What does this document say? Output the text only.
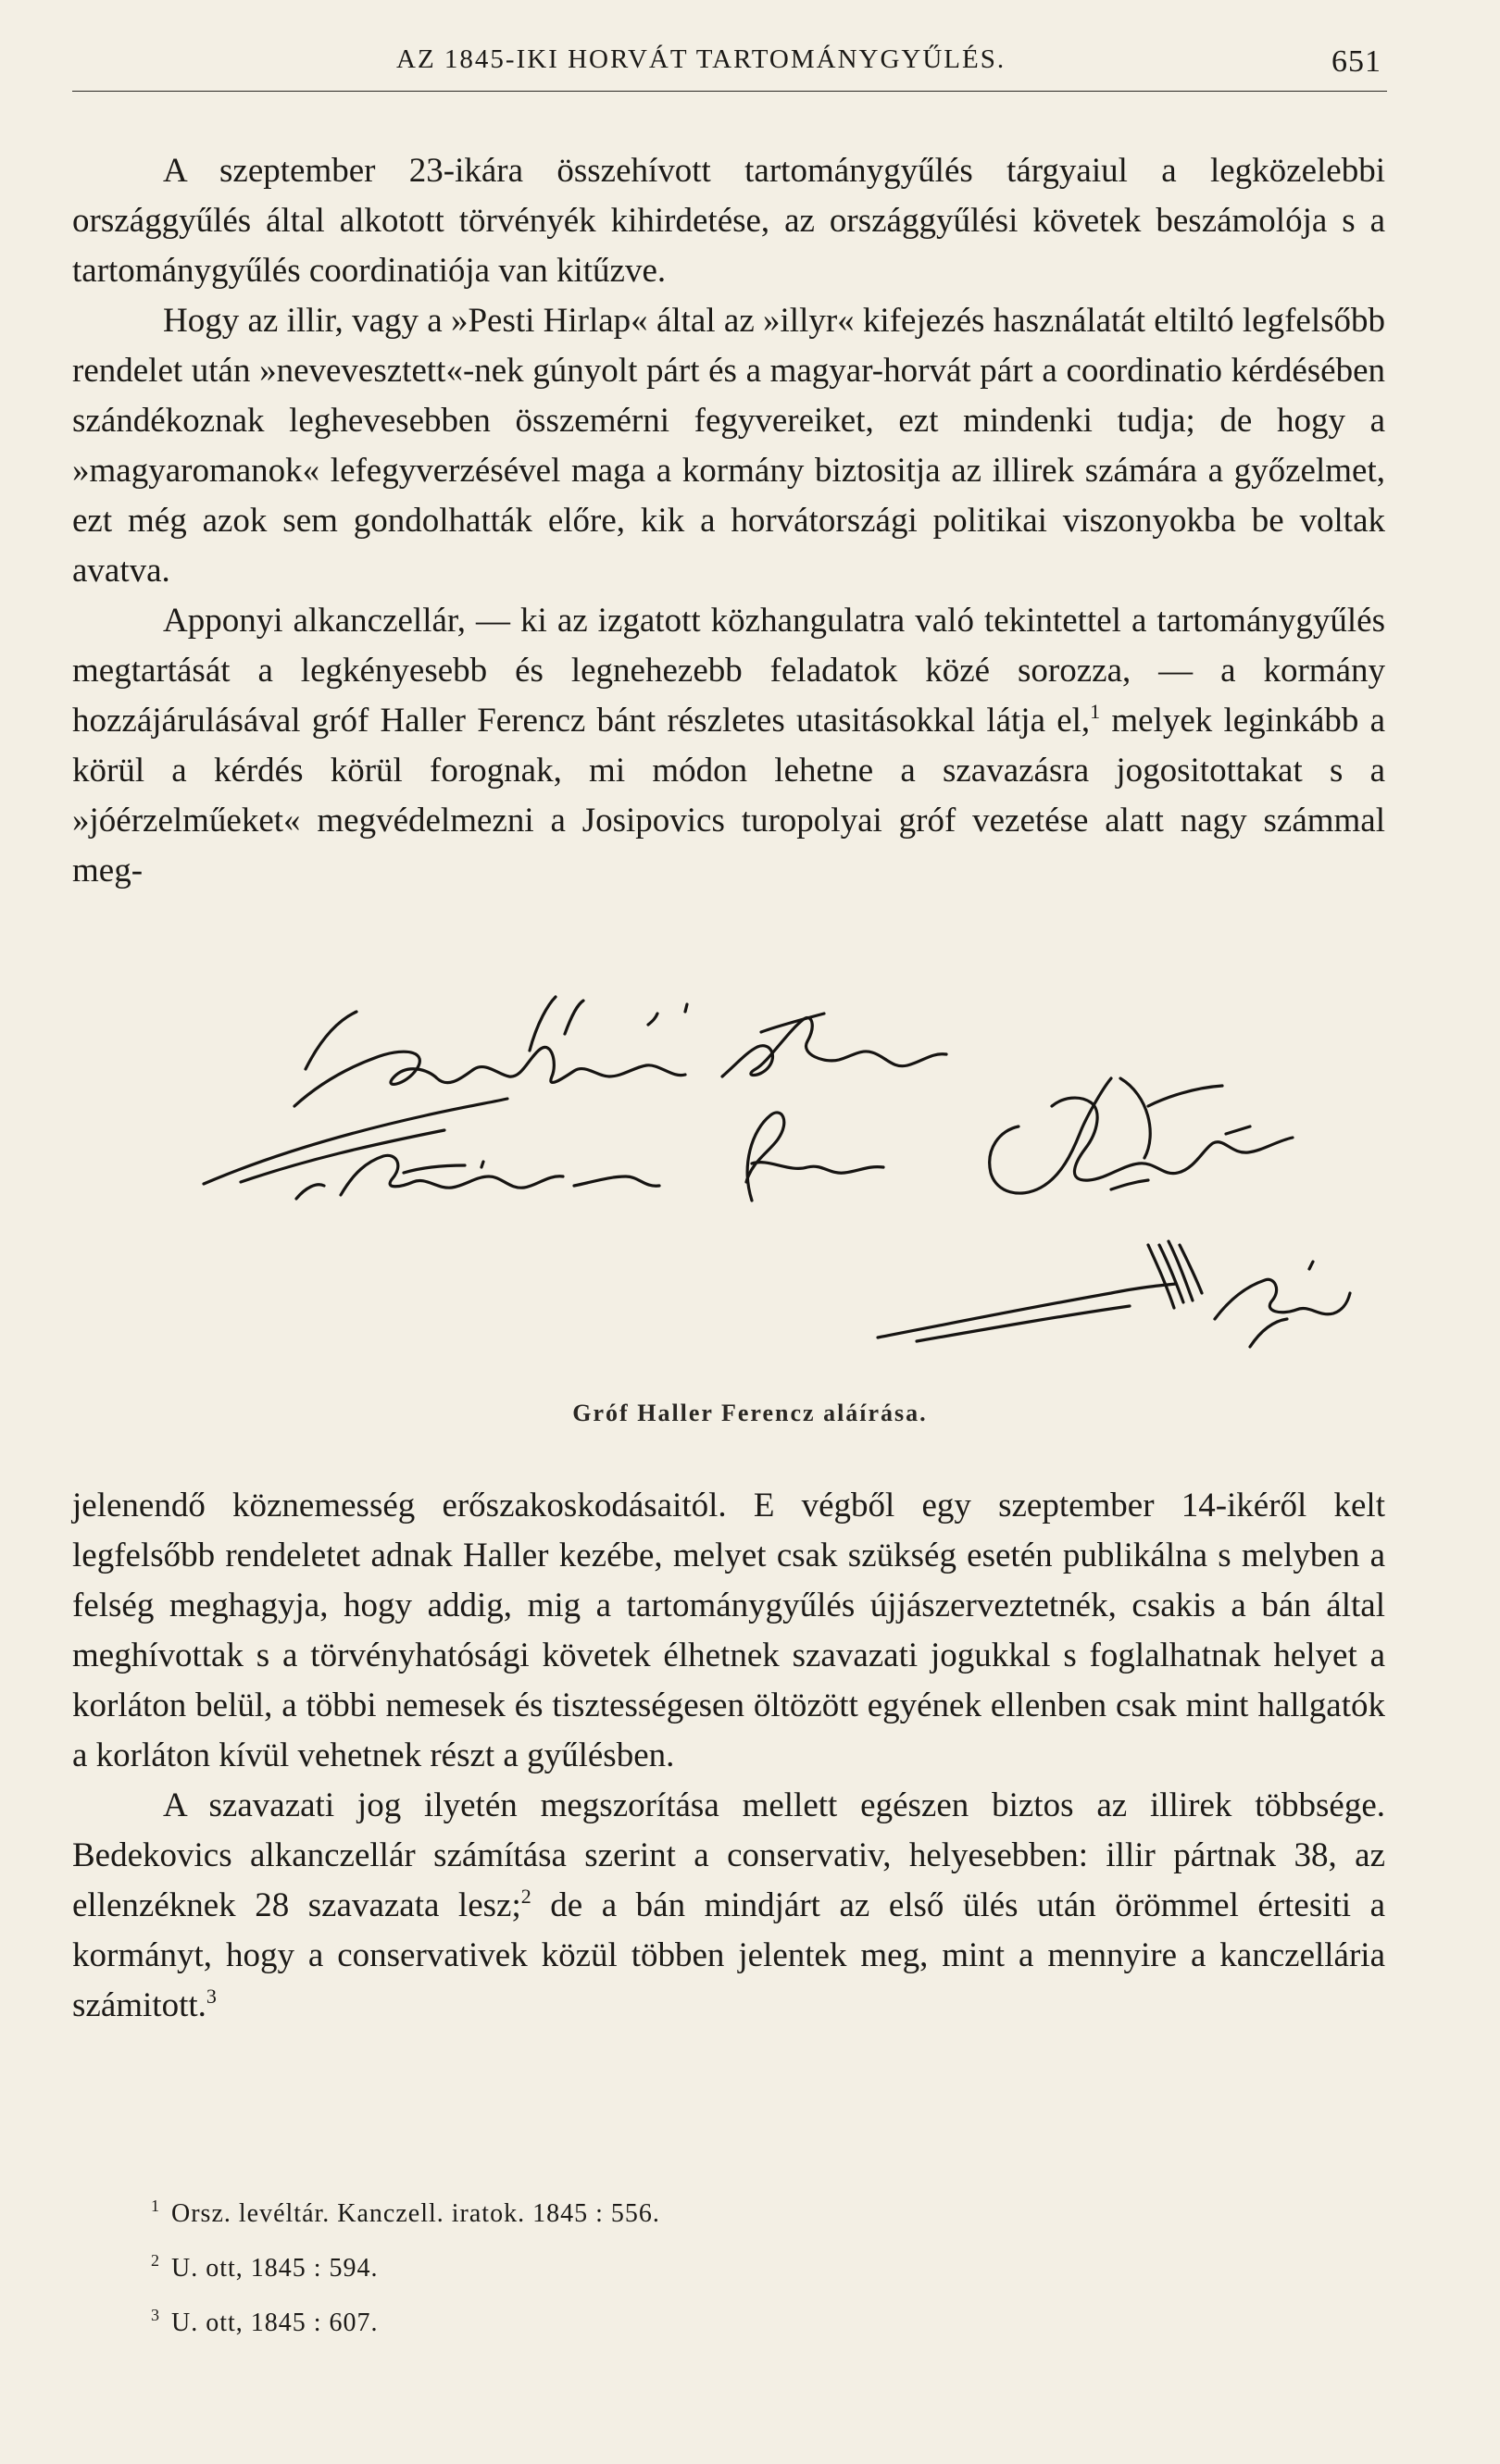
AZ 1845-IKI HORVÁT TARTOMÁNYGYŰLÉS.	651

A szeptember 23-ikára összehívott tartománygyűlés tárgyaiul a legközelebbi országgyűlés által alkotott törvényék kihirdetése, az országgyűlési követek beszámolója s a tartománygyűlés coordinatiója van kitűzve.

Hogy az illir, vagy a »Pesti Hirlap« által az »illyr« kifejezés használatát eltiltó legfelsőbb rendelet után »nevevesztett«-nek gúnyolt párt és a magyar-horvát párt a coordinatio kérdésében szándékoznak leghevesebben összemérni fegyvereiket, ezt mindenki tudja; de hogy a »magyaromanok« lefegyverzésével maga a kormány biztositja az illirek számára a győzelmet, ezt még azok sem gondolhatták előre, kik a horvátországi politikai viszonyokba be voltak avatva.

Apponyi alkanczellár, — ki az izgatott közhangulatra való tekintettel a tartománygyűlés megtartását a legkényesebb és legnehezebb feladatok közé sorozza, — a kormány hozzájárulásával gróf Haller Ferencz bánt részletes utasitásokkal látja el,$^1$ melyek leginkább a körül a kérdés körül forognak, mi módon lehetne a szavazásra jogositottakat s a »jóérzelműeket« megvédelmezni a Josipovics turopolyai gróf vezetése alatt nagy számmal meg-

Gróf Haller Ferencz aláírása.

jelenendő köznemesség erőszakoskodásaitól. E végből egy szeptember 14-ikéről kelt legfelsőbb rendeletet adnak Haller kezébe, melyet csak szükség esetén publikálna s melyben a felség meghagyja, hogy addig, mig a tartománygyűlés újjászerveztetnék, csakis a bán által meghívottak s a törvényhatósági követek élhetnek szavazati jogukkal s foglalhatnak helyet a korláton belül, a többi nemesek és tisztességesen öltözött egyének ellenben csak mint hallgatók a korláton kívül vehetnek részt a gyűlésben.

A szavazati jog ilyetén megszorítása mellett egészen biztos az illirek többsége. Bedekovics alkanczellár számítása szerint a conservativ, helyesebben: illir pártnak 38, az ellenzéknek 28 szavazata lesz;$^2$ de a bán mindjárt az első ülés után örömmel értesiti a kormányt, hogy a conservativek közül többen jelentek meg, mint a mennyire a kanczellária számitott.$^3$

$^1$ Orsz. levéltár. Kanczell. iratok. 1845 : 556.
$^2$ U. ott, 1845 : 594.
$^3$ U. ott, 1845 : 607.
